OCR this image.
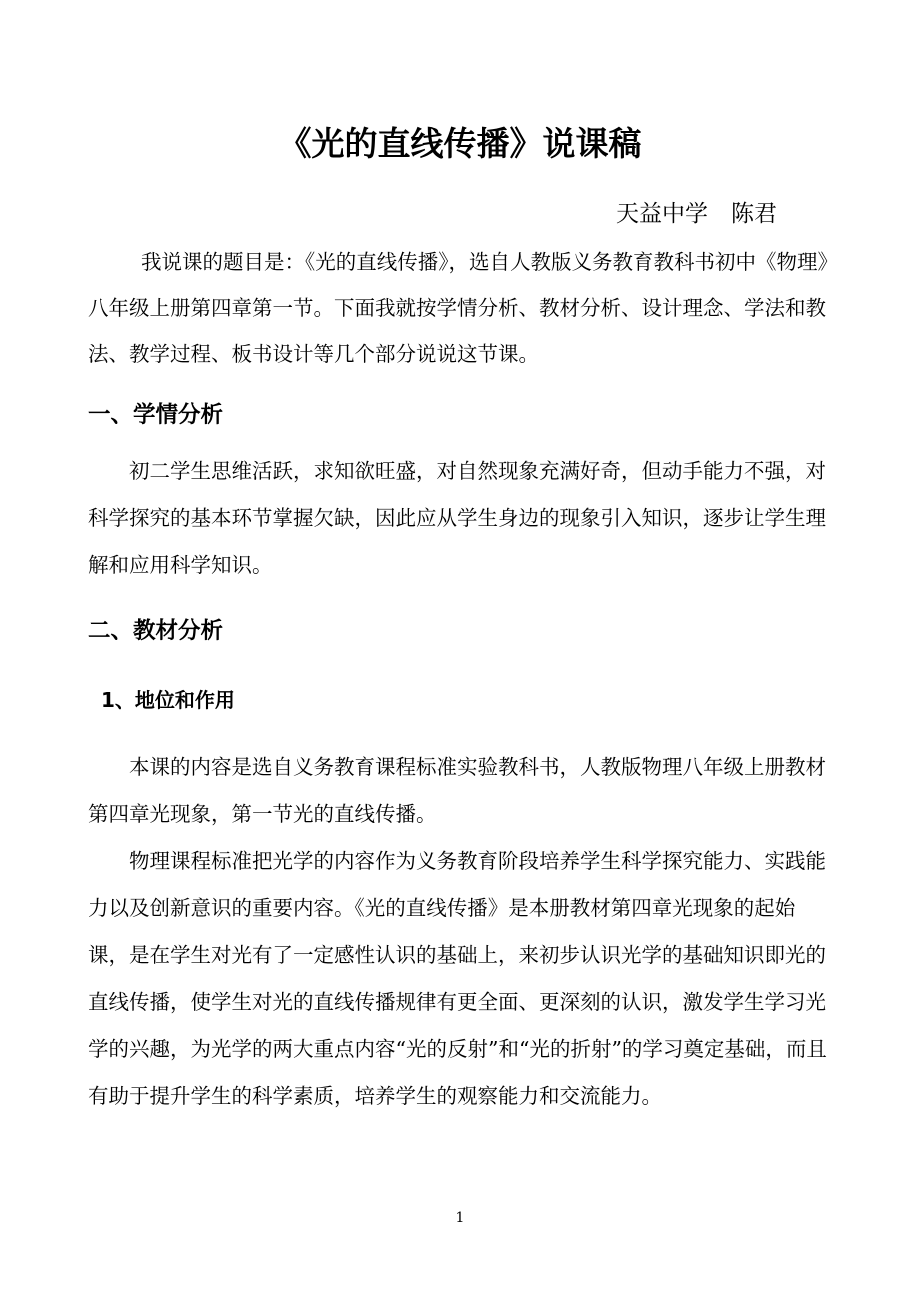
《光的直线传播》说课稿
天益中学　陈君

我说课的题目是：《光的直线传播》，选自人教版义务教育教科书初中《物理》八年级上册第四章第一节。下面我就按学情分析、教材分析、设计理念、学法和教法、教学过程、板书设计等几个部分说说这节课。

一、学情分析

初二学生思维活跃，求知欲旺盛，对自然现象充满好奇，但动手能力不强，对科学探究的基本环节掌握欠缺，因此应从学生身边的现象引入知识，逐步让学生理解和应用科学知识。

二、教材分析
1、地位和作用

本课的内容是选自义务教育课程标准实验教科书，人教版物理八年级上册教材第四章光现象，第一节光的直线传播。

物理课程标准把光学的内容作为义务教育阶段培养学生科学探究能力、实践能力以及创新意识的重要内容。《光的直线传播》是本册教材第四章光现象的起始课，是在学生对光有了一定感性认识的基础上，来初步认识光学的基础知识即光的直线传播，使学生对光的直线传播规律有更全面、更深刻的认识，激发学生学习光学的兴趣，为光学的两大重点内容“光的反射”和“光的折射”的学习奠定基础，而且有助于提升学生的科学素质，培养学生的观察能力和交流能力。

1
